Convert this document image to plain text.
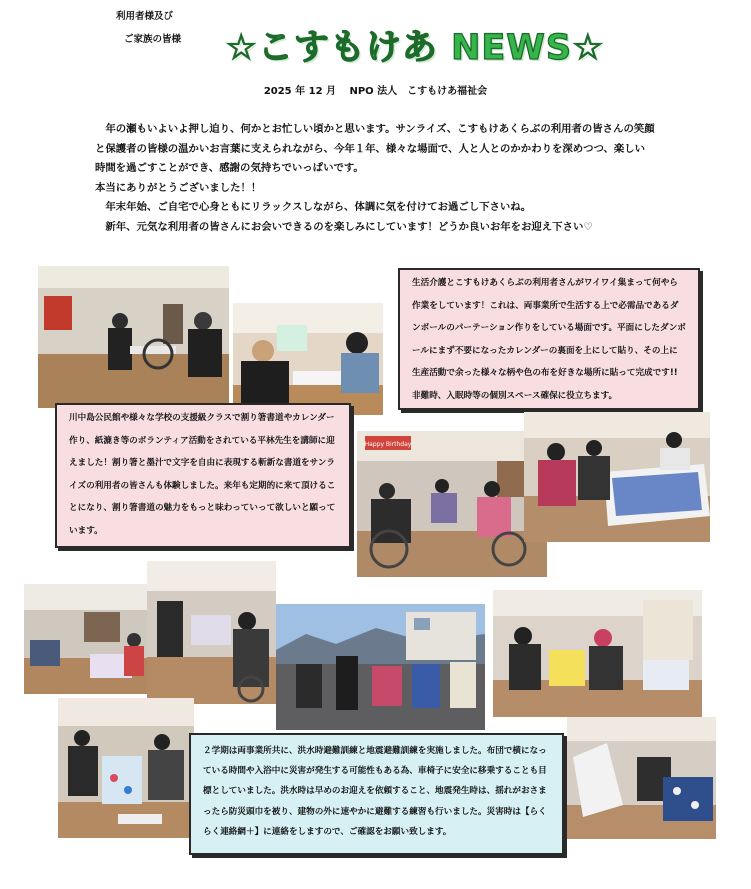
利用者様及び
ご家族の皆様	☆こすもけあ NEWS☆
2025 年 12 月　 NPO 法人　こすもけあ福祉会

　年の瀬もいよいよ押し迫り、何かとお忙しい頃かと思います。サンライズ、こすもけあくらぶの利用者の皆さんの笑顔と保護者の皆様の温かいお言葉に支えられながら、今年１年、様々な場面で、人と人とのかかわりを深めつつ、楽しい時間を過ごすことができ、感謝の気持ちでいっぱいです。

本当にありがとうございました！！

　年末年始、ご自宅で心身ともにリラックスしながら、体調に気を付けてお過ごし下さいね。

　新年、元気な利用者の皆さんにお会いできるのを楽しみにしています！どうか良いお年をお迎え下さい♡

生活介護とこすもけあくらぶの利用者さんがワイワイ集まって何やら作業をしています！これは、両事業所で生活する上で必需品であるダンボールのパーテーション作りをしている場面です。平面にしたダンボールにまず不要になったカレンダーの裏面を上にして貼り、その上に生産活動で余った様々な柄や色の布を好きな場所に貼って完成です!!非難時、入眠時等の個別スペース確保に役立ちます。
川中島公民館や様々な学校の支援級クラスで割り箸書道やカレンダー作り、紙漉き等のボランティア活動をされている平林先生を講師に迎えました！割り箸と墨汁で文字を自由に表現する斬新な書道をサンライズの利用者の皆さんも体験しました。来年も定期的に来て頂けることになり、割り箸書道の魅力をもっと味わっていって欲しいと願っています。
Happy Birthday
２学期は両事業所共に、洪水時避難訓練と地震避難訓練を実施しました。布団で横になっている時間や入浴中に災害が発生する可能性もある為、車椅子に安全に移乗することも目標としていました。洪水時は早めのお迎えを依頼すること、地震発生時は、揺れがおさまったら防災頭巾を被り、建物の外に速やかに避難する練習も行いました。災害時は【らくらく連絡網＋】に連絡をしますので、ご確認をお願い致します。
